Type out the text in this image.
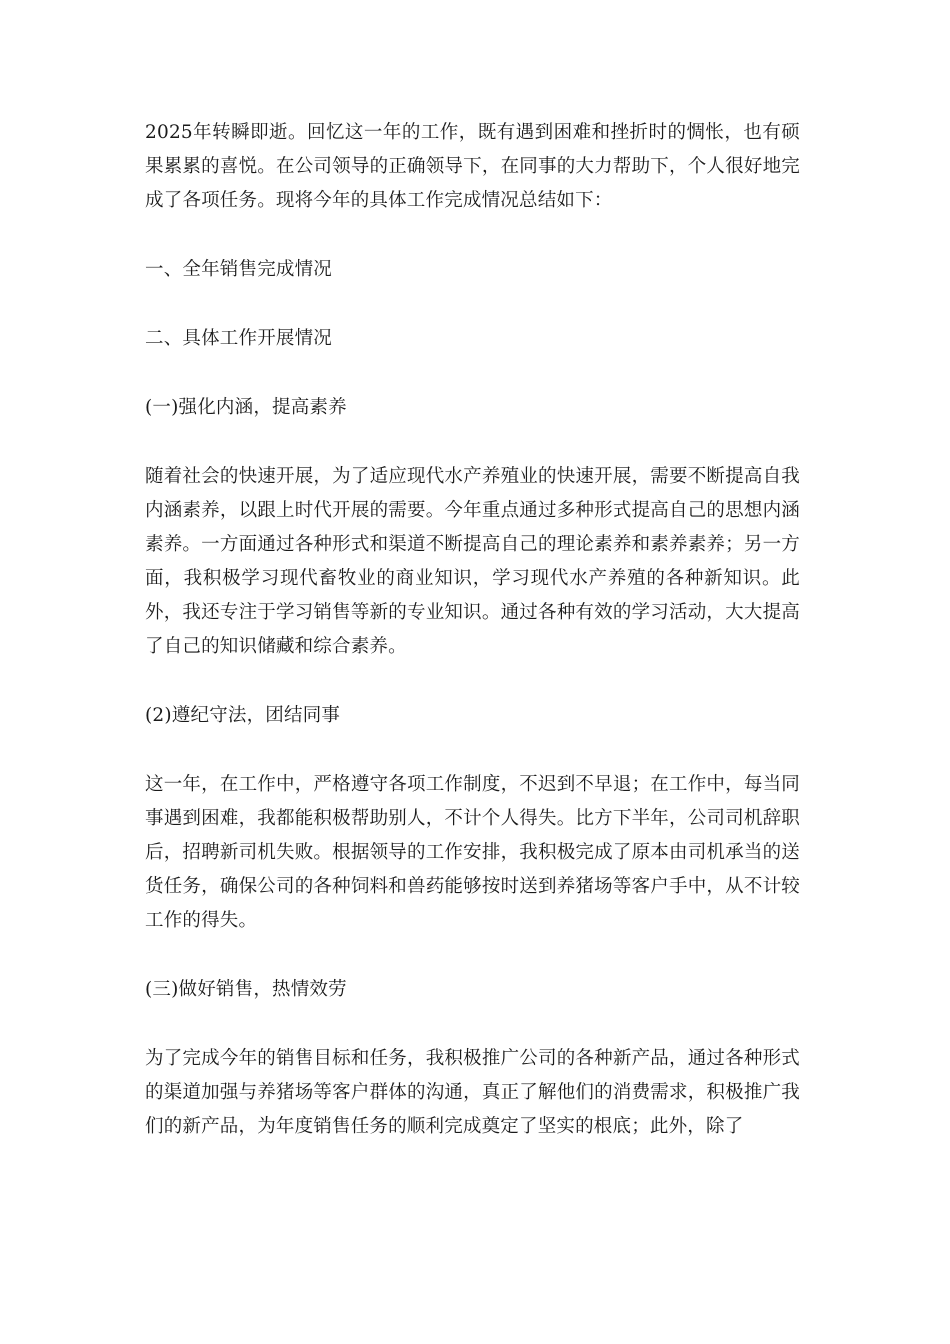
2025年转瞬即逝。回忆这一年的工作，既有遇到困难和挫折时的惆怅，也有硕果累累的喜悦。在公司领导的正确领导下，在同事的大力帮助下，个人很好地完成了各项任务。现将今年的具体工作完成情况总结如下：

一、全年销售完成情况

二、具体工作开展情况

(一)强化内涵，提高素养

随着社会的快速开展，为了适应现代水产养殖业的快速开展，需要不断提高自我内涵素养，以跟上时代开展的需要。今年重点通过多种形式提高自己的思想内涵素养。一方面通过各种形式和渠道不断提高自己的理论素养和素养素养；另一方面，我积极学习现代畜牧业的商业知识，学习现代水产养殖的各种新知识。此外，我还专注于学习销售等新的专业知识。通过各种有效的学习活动，大大提高了自己的知识储藏和综合素养。

(2)遵纪守法，团结同事

这一年，在工作中，严格遵守各项工作制度，不迟到不早退；在工作中，每当同事遇到困难，我都能积极帮助别人，不计个人得失。比方下半年，公司司机辞职后，招聘新司机失败。根据领导的工作安排，我积极完成了原本由司机承当的送货任务，确保公司的各种饲料和兽药能够按时送到养猪场等客户手中，从不计较工作的得失。

(三)做好销售，热情效劳

为了完成今年的销售目标和任务，我积极推广公司的各种新产品，通过各种形式的渠道加强与养猪场等客户群体的沟通，真正了解他们的消费需求，积极推广我们的新产品，为年度销售任务的顺利完成奠定了坚实的根底；此外，除了
